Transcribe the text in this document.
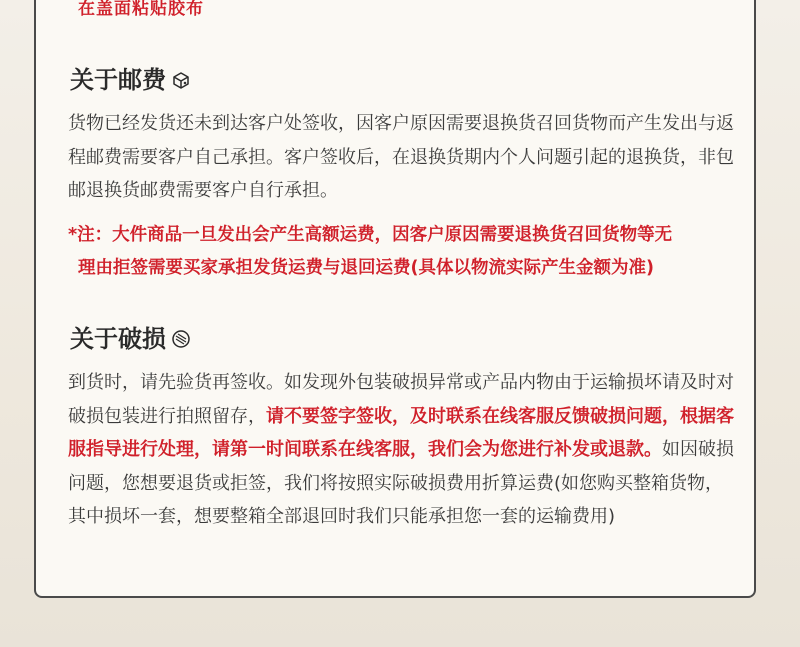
在盖面粘贴胶布
关于邮费
货物已经发货还未到达客户处签收，因客户原因需要退换货召回货物而产生发出与返程邮费需要客户自己承担。客户签收后，在退换货期内个人问题引起的退换货，非包邮退换货邮费需要客户自行承担。
*注：大件商品一旦发出会产生高额运费，因客户原因需要退换货召回货物等无
理由拒签需要买家承担发货运费与退回运费(具体以物流实际产生金额为准)
关于破损
到货时，请先验货再签收。如发现外包装破损异常或产品内物由于运输损坏请及时对破损包装进行拍照留存，请不要签字签收，及时联系在线客服反馈破损问题，根据客服指导进行处理，请第一时间联系在线客服，我们会为您进行补发或退款。如因破损问题，您想要退货或拒签，我们将按照实际破损费用折算运费(如您购买整箱货物，其中损坏一套，想要整箱全部退回时我们只能承担您一套的运输费用)
